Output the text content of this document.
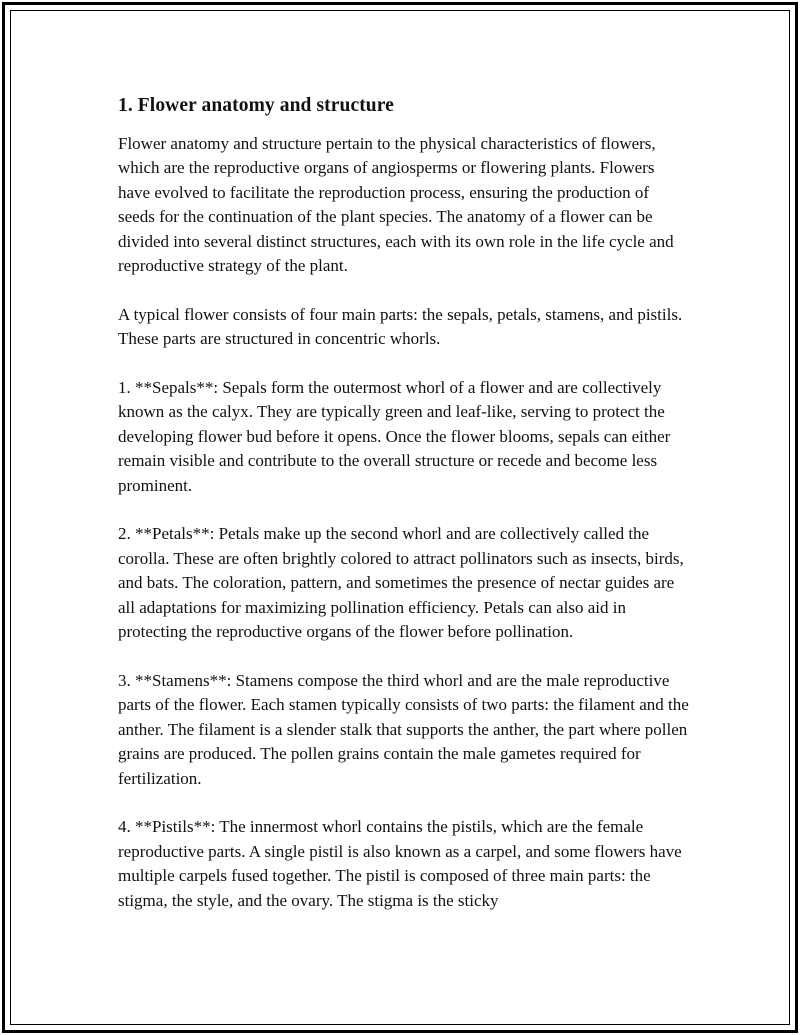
1. Flower anatomy and structure

Flower anatomy and structure pertain to the physical characteristics of flowers, which are the reproductive organs of angiosperms or flowering plants. Flowers have evolved to facilitate the reproduction process, ensuring the production of seeds for the continuation of the plant species. The anatomy of a flower can be divided into several distinct structures, each with its own role in the life cycle and reproductive strategy of the plant.

A typical flower consists of four main parts: the sepals, petals, stamens, and pistils. These parts are structured in concentric whorls.

1. **Sepals**: Sepals form the outermost whorl of a flower and are collectively known as the calyx. They are typically green and leaf-like, serving to protect the developing flower bud before it opens. Once the flower blooms, sepals can either remain visible and contribute to the overall structure or recede and become less prominent.

2. **Petals**: Petals make up the second whorl and are collectively called the corolla. These are often brightly colored to attract pollinators such as insects, birds, and bats. The coloration, pattern, and sometimes the presence of nectar guides are all adaptations for maximizing pollination efficiency. Petals can also aid in protecting the reproductive organs of the flower before pollination.

3. **Stamens**: Stamens compose the third whorl and are the male reproductive parts of the flower. Each stamen typically consists of two parts: the filament and the anther. The filament is a slender stalk that supports the anther, the part where pollen grains are produced. The pollen grains contain the male gametes required for fertilization.

4. **Pistils**: The innermost whorl contains the pistils, which are the female reproductive parts. A single pistil is also known as a carpel, and some flowers have multiple carpels fused together. The pistil is composed of three main parts: the stigma, the style, and the ovary. The stigma is the sticky
